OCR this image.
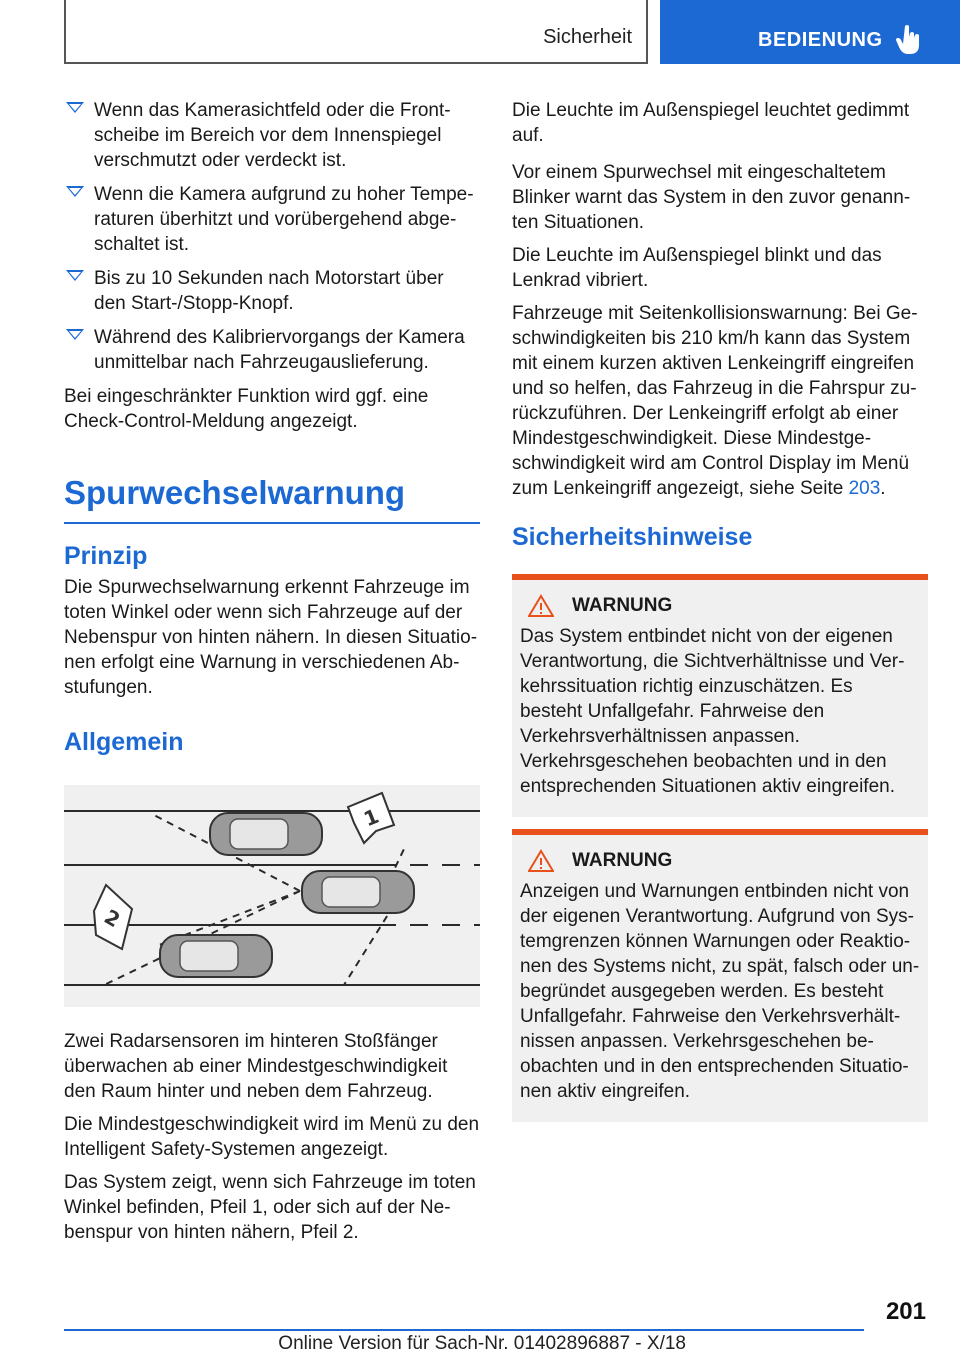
Sicherheit	BEDIENUNG
Wenn das Kamerasichtfeld oder die Frontscheibe im Bereich vor dem Innenspiegel verschmutzt oder verdeckt ist.
Wenn die Kamera aufgrund zu hoher Temperaturen überhitzt und vorübergehend abgeschaltet ist.
Bis zu 10 Sekunden nach Motorstart über den Start-/Stopp-Knopf.
Während des Kalibriervorgangs der Kamera unmittelbar nach Fahrzeugauslieferung.

Bei eingeschränkter Funktion wird ggf. eine Check-Control-Meldung angezeigt.

Spurwechselwarnung
Prinzip

Die Spurwechselwarnung erkennt Fahrzeuge im toten Winkel oder wenn sich Fahrzeuge auf der Nebenspur von hinten nähern. In diesen Situationen erfolgt eine Warnung in verschiedenen Abstufungen.

Allgemein
1
2

Zwei Radarsensoren im hinteren Stoßfänger überwachen ab einer Mindestgeschwindigkeit den Raum hinter und neben dem Fahrzeug.

Die Mindestgeschwindigkeit wird im Menü zu den Intelligent Safety-Systemen angezeigt.

Das System zeigt, wenn sich Fahrzeuge im toten Winkel befinden, Pfeil 1, oder sich auf der Nebenspur von hinten nähern, Pfeil 2.

Die Leuchte im Außenspiegel leuchtet gedimmt auf.

Vor einem Spurwechsel mit eingeschaltetem Blinker warnt das System in den zuvor genannten Situationen.

Die Leuchte im Außenspiegel blinkt und das Lenkrad vibriert.

Fahrzeuge mit Seitenkollisionswarnung: Bei Geschwindigkeiten bis 210 km/h kann das System mit einem kurzen aktiven Lenkeingriff eingreifen und so helfen, das Fahrzeug in die Fahrspur zurückzuführen. Der Lenkeingriff erfolgt ab einer Mindestgeschwindigkeit. Diese Mindestgeschwindigkeit wird am Control Display im Menü zum Lenkeingriff angezeigt, siehe Seite 203.

Sicherheitshinweise
WARNUNG

Das System entbindet nicht von der eigenen Verantwortung, die Sichtverhältnisse und Verkehrssituation richtig einzuschätzen. Es besteht Unfallgefahr. Fahrweise den Verkehrsverhältnissen anpassen. Verkehrsgeschehen beobachten und in den entsprechenden Situationen aktiv eingreifen.

WARNUNG

Anzeigen und Warnungen entbinden nicht von der eigenen Verantwortung. Aufgrund von Systemgrenzen können Warnungen oder Reaktionen des Systems nicht, zu spät, falsch oder unbegründet ausgegeben werden. Es besteht Unfallgefahr. Fahrweise den Verkehrsverhältnissen anpassen. Verkehrsgeschehen beobachten und in den entsprechenden Situationen aktiv eingreifen.

201
Online Version für Sach-Nr. 01402896887 - X/18
